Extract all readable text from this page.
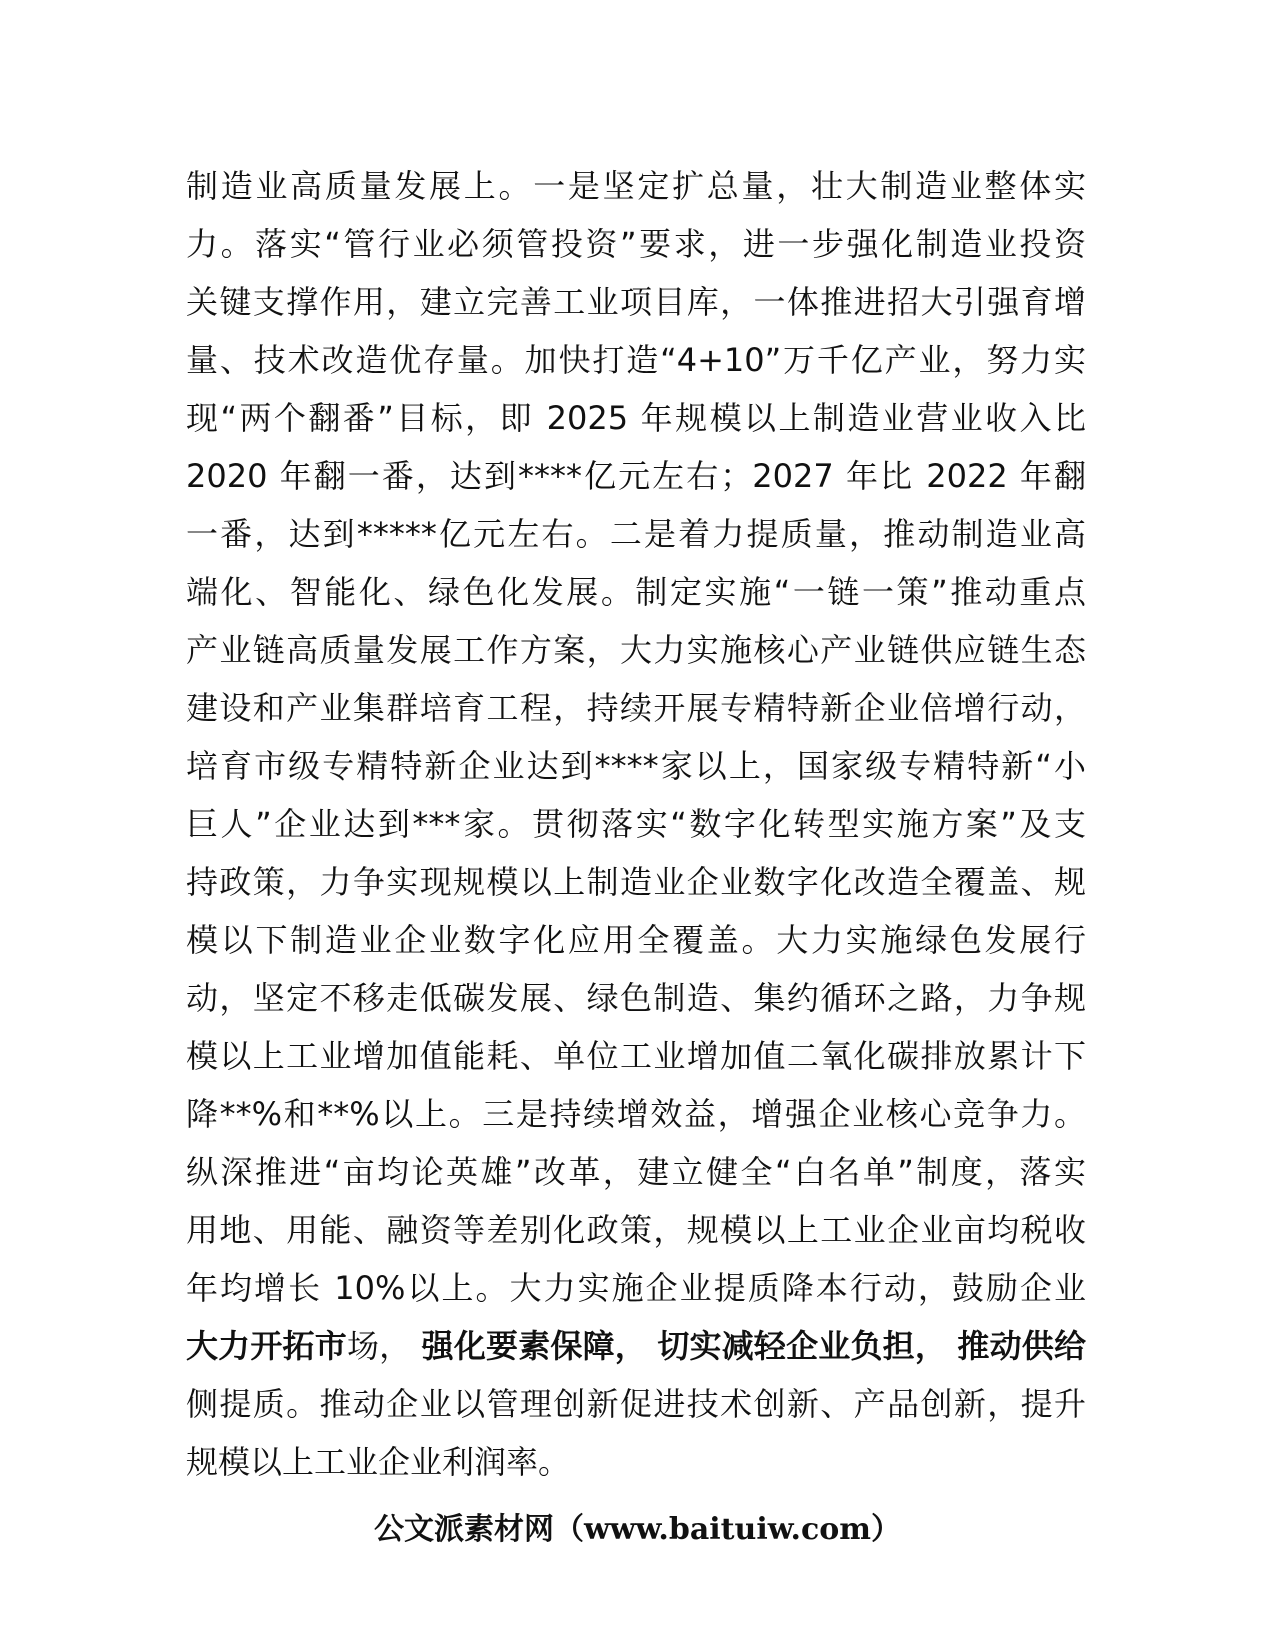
制造业高质量发展上。一是坚定扩总量，壮大制造业整体实
力。落实“管行业必须管投资”要求，进一步强化制造业投资
关键支撑作用，建立完善工业项目库，一体推进招大引强育增
量、技术改造优存量。加快打造“4+10”万千亿产业，努力实
现“两个翻番”目标，即 2025 年规模以上制造业营业收入比
2020 年翻一番，达到****亿元左右；2027 年比 2022 年翻
一番，达到*****亿元左右。二是着力提质量，推动制造业高
端化、智能化、绿色化发展。制定实施“一链一策”推动重点
产业链高质量发展工作方案，大力实施核心产业链供应链生态
建设和产业集群培育工程，持续开展专精特新企业倍增行动，
培育市级专精特新企业达到****家以上，国家级专精特新“小
巨人”企业达到***家。贯彻落实“数字化转型实施方案”及支
持政策，力争实现规模以上制造业企业数字化改造全覆盖、规
模以下制造业企业数字化应用全覆盖。大力实施绿色发展行
动，坚定不移走低碳发展、绿色制造、集约循环之路，力争规
模以上工业增加值能耗、单位工业增加值二氧化碳排放累计下
降**%和**%以上。三是持续增效益，增强企业核心竞争力。
纵深推进“亩均论英雄”改革，建立健全“白名单”制度，落实
用地、用能、融资等差别化政策，规模以上工业企业亩均税收
年均增长 10%以上。大力实施企业提质降本行动，鼓励企业
大力开拓市场， 强化要素保障， 切实减轻企业负担， 推动供给
侧提质。推动企业以管理创新促进技术创新、产品创新，提升
规模以上工业企业利润率。
公文派素材网（www.baituiw.com）
